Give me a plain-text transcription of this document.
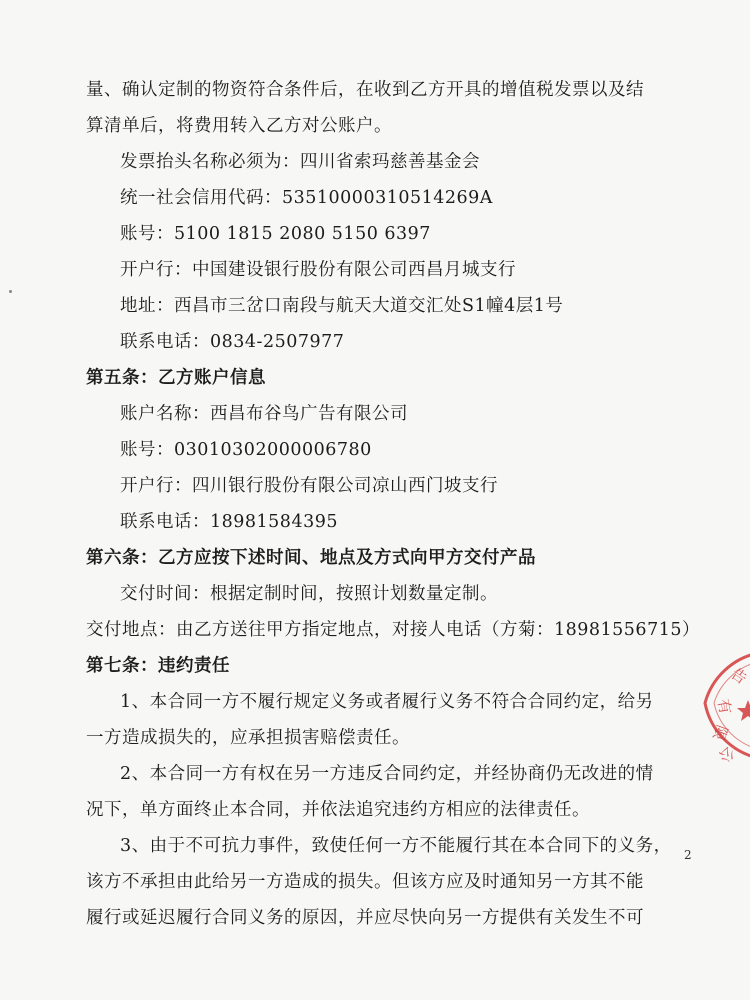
量、确认定制的物资符合条件后，在收到乙方开具的增值税发票以及结
算清单后，将费用转入乙方对公账户。
发票抬头名称必须为：四川省索玛慈善基金会
统一社会信用代码：53510000310514269A
账号：5100 1815 2080 5150 6397
开户行：中国建设银行股份有限公司西昌月城支行
地址：西昌市三岔口南段与航天大道交汇处S1幢4层1号
联系电话：0834-2507977
第五条：乙方账户信息
账户名称：西昌布谷鸟广告有限公司
账号：03010302000006780
开户行：四川银行股份有限公司凉山西门坡支行
联系电话：18981584395
第六条：乙方应按下述时间、地点及方式向甲方交付产品
交付时间：根据定制时间，按照计划数量定制。
交付地点：由乙方送往甲方指定地点，对接人电话（方菊：18981556715）
第七条：违约责任
1、本合同一方不履行规定义务或者履行义务不符合合同约定，给另
一方造成损失的，应承担损害赔偿责任。
2、本合同一方有权在另一方违反合同约定，并经协商仍无改进的情
况下，单方面终止本合同，并依法追究违约方相应的法律责任。
3、由于不可抗力事件，致使任何一方不能履行其在本合同下的义务，
该方不承担由此给另一方造成的损失。但该方应及时通知另一方其不能
履行或延迟履行合同义务的原因，并应尽快向另一方提供有关发生不可
2
告
有
限
公
